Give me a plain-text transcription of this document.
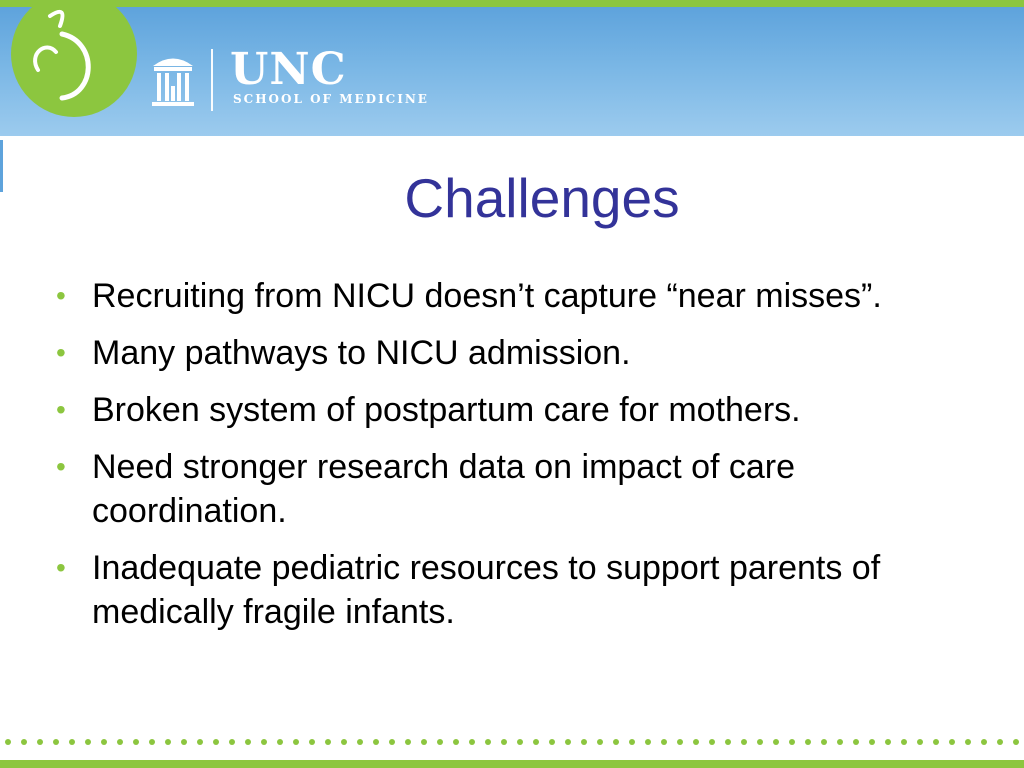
UNC
SCHOOL OF MEDICINE
Challenges
• Recruiting from NICU doesn’t capture “near misses”.
• Many pathways to NICU admission.
• Broken system of postpartum care for mothers.
• Need stronger research data on impact of care coordination.
• Inadequate pediatric resources to support parents of medically fragile infants.
